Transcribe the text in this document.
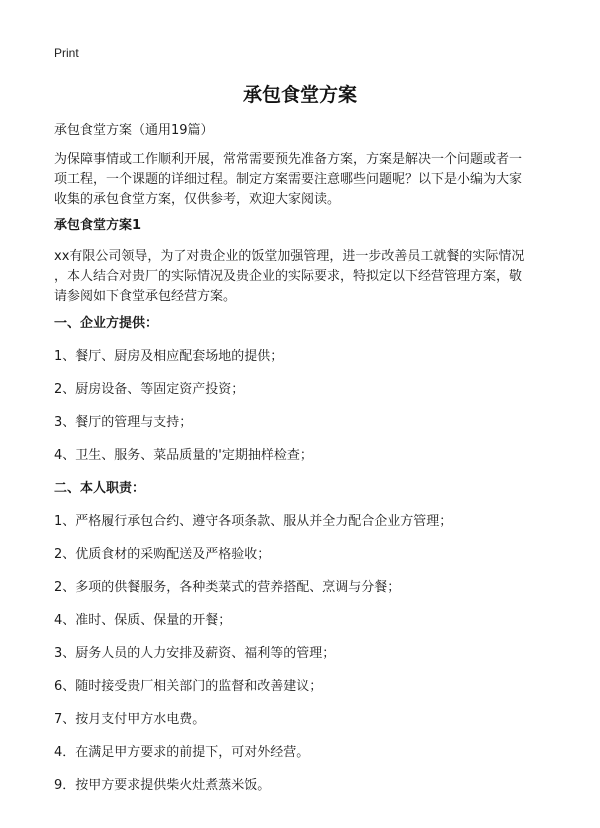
Print
承包食堂方案
承包食堂方案（通用19篇）

为保障事情或工作顺利开展，常常需要预先准备方案，方案是解决一个问题或者一

项工程，一个课题的详细过程。制定方案需要注意哪些问题呢？以下是小编为大家

收集的承包食堂方案，仅供参考，欢迎大家阅读。

承包食堂方案1

xx有限公司领导，为了对贵企业的饭堂加强管理，进一步改善员工就餐的实际情况

，本人结合对贵厂的实际情况及贵企业的实际要求，特拟定以下经营管理方案，敬

请参阅如下食堂承包经营方案。

一、企业方提供：
1、餐厅、厨房及相应配套场地的提供；
2、厨房设备、等固定资产投资；
3、餐厅的管理与支持；
4、卫生、服务、菜品质量的'定期抽样检查；
二、本人职责：
1、严格履行承包合约、遵守各项条款、服从并全力配合企业方管理；
2、优质食材的采购配送及严格验收；
2、多项的供餐服务，各种类菜式的营养搭配、烹调与分餐；
4、准时、保质、保量的开餐；
3、厨务人员的人力安排及薪资、福利等的管理；
6、随时接受贵厂相关部门的监督和改善建议；
7、按月支付甲方水电费。
4．在满足甲方要求的前提下，可对外经营。
9．按甲方要求提供柴火灶煮蒸米饭。
